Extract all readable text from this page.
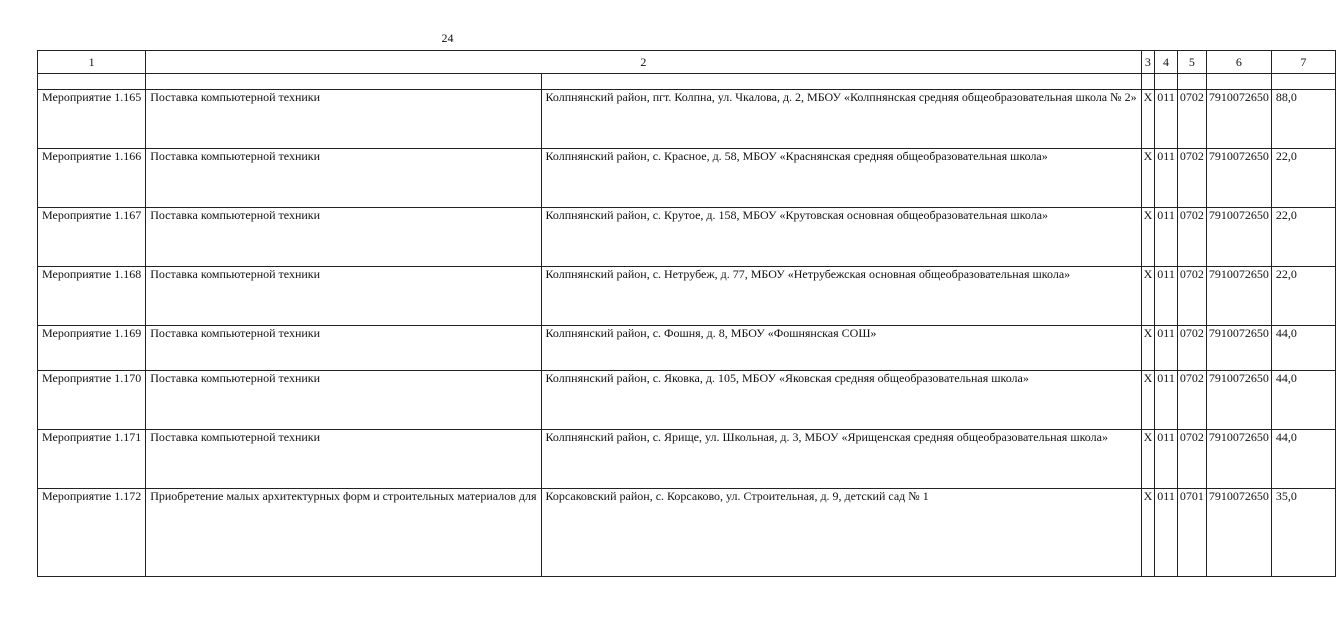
24
1	2		3	4	5	6	7

Мероприятие 1.165	Поставка компьютерной техники	Колпнянский район, пгт. Колпна, ул. Чкалова, д. 2, МБОУ «Колпнянская средняя общеобразовательная школа № 2»	X	011	0702	7910072650	88,0
Мероприятие 1.166	Поставка компьютерной техники	Колпнянский район, с. Красное, д. 58, МБОУ «Краснянская средняя общеобразовательная школа»	X	011	0702	7910072650	22,0
Мероприятие 1.167	Поставка компьютерной техники	Колпнянский район, с. Крутое, д. 158, МБОУ «Крутовская основная общеобразовательная школа»	X	011	0702	7910072650	22,0
Мероприятие 1.168	Поставка компьютерной техники	Колпнянский район, с. Нетрубеж, д. 77, МБОУ «Нетрубежская основная общеобразовательная школа»	X	011	0702	7910072650	22,0
Мероприятие 1.169	Поставка компьютерной техники	Колпнянский район, с. Фошня, д. 8, МБОУ «Фошнянская СОШ»	X	011	0702	7910072650	44,0
Мероприятие 1.170	Поставка компьютерной техники	Колпнянский район, с. Яковка, д. 105, МБОУ «Яковская средняя общеобразовательная школа»	X	011	0702	7910072650	44,0
Мероприятие 1.171	Поставка компьютерной техники	Колпнянский район, с. Ярище, ул. Школьная, д. 3, МБОУ «Ярищенская средняя общеобразовательная школа»	X	011	0702	7910072650	44,0
Мероприятие 1.172	Приобретение малых архитектурных форм и строительных материалов для	Корсаковский район, с. Корсаково, ул. Строительная, д. 9, детский сад № 1	X	011	0701	7910072650	35,0
